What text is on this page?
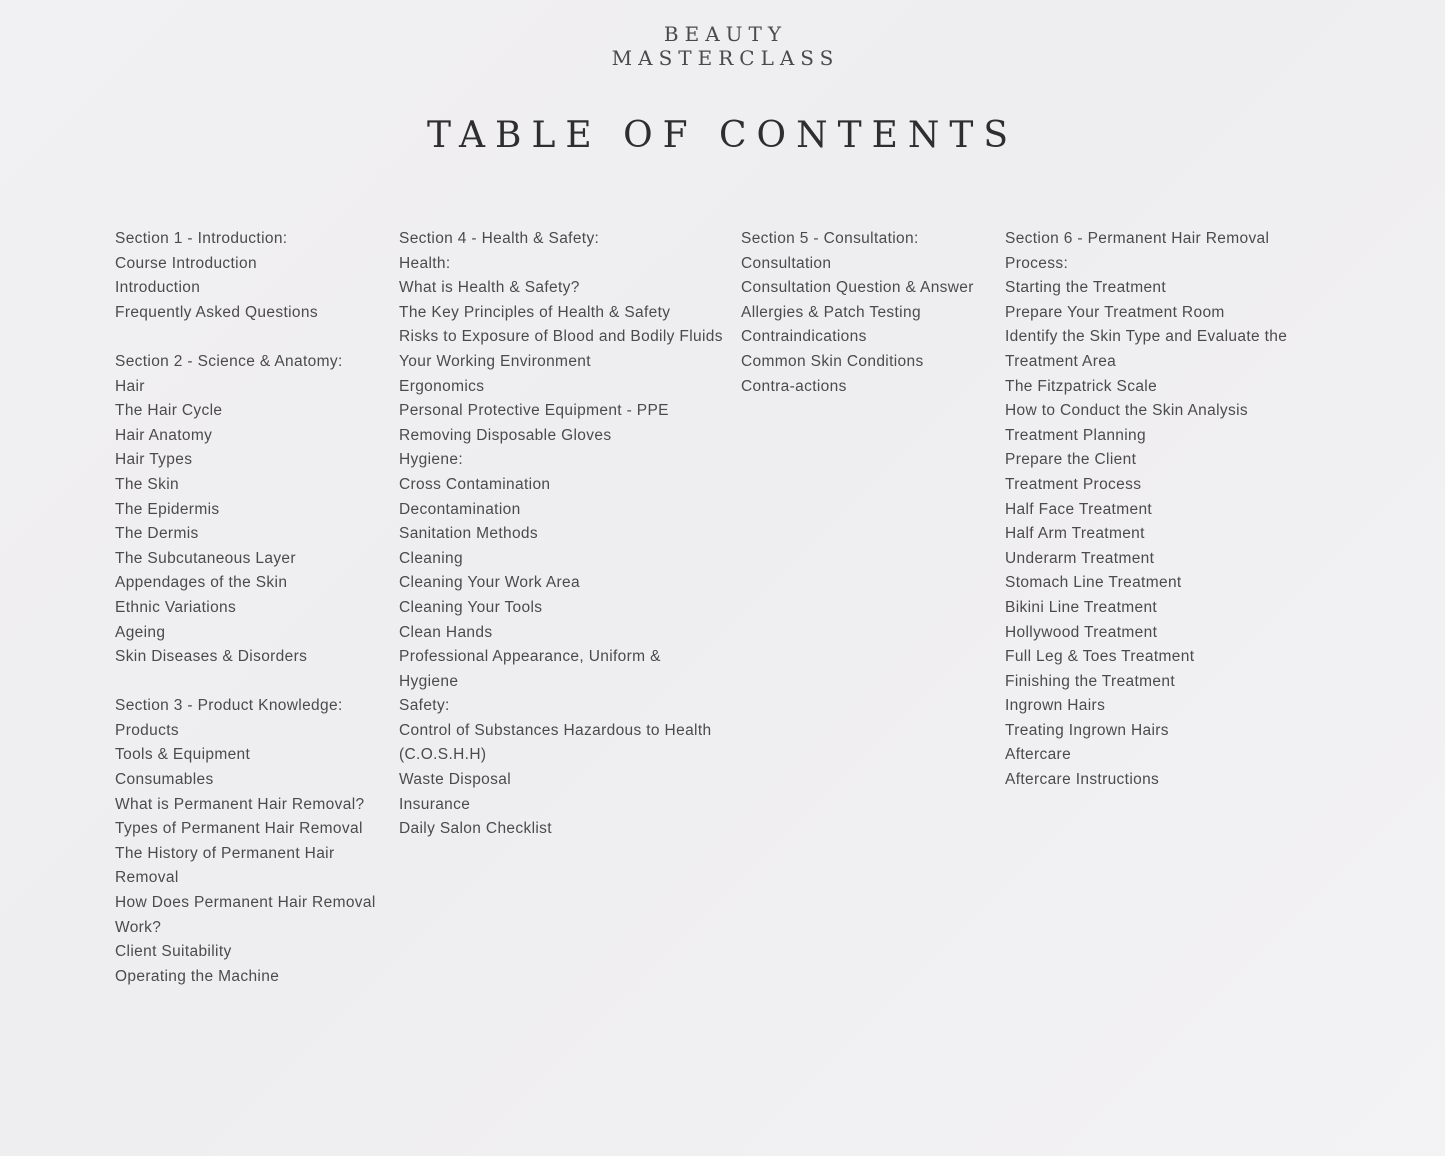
BEAUTY
MASTERCLASS
TABLE OF CONTENTS
Section 1 - Introduction:
Course Introduction
Introduction
Frequently Asked Questions
Section 2 - Science & Anatomy:
Hair
The Hair Cycle
Hair Anatomy
Hair Types
The Skin
The Epidermis
The Dermis
The Subcutaneous Layer
Appendages of the Skin
Ethnic Variations
Ageing
Skin Diseases & Disorders
Section 3 - Product Knowledge:
Products
Tools & Equipment
Consumables
What is Permanent Hair Removal?
Types of Permanent Hair Removal
The History of Permanent Hair
Removal
How Does Permanent Hair Removal
Work?
Client Suitability
Operating the Machine
Section 4 - Health & Safety:
Health:
What is Health & Safety?
The Key Principles of Health & Safety
Risks to Exposure of Blood and Bodily Fluids
Your Working Environment
Ergonomics
Personal Protective Equipment - PPE
Removing Disposable Gloves
Hygiene:
Cross Contamination
Decontamination
Sanitation Methods
Cleaning
Cleaning Your Work Area
Cleaning Your Tools
Clean Hands
Professional Appearance, Uniform &
Hygiene
Safety:
Control of Substances Hazardous to Health
(C.O.S.H.H)
Waste Disposal
Insurance
Daily Salon Checklist
Section 5 - Consultation:
Consultation
Consultation Question & Answer
Allergies & Patch Testing
Contraindications
Common Skin Conditions
Contra-actions
Section 6 - Permanent Hair Removal
Process:
Starting the Treatment
Prepare Your Treatment Room
Identify the Skin Type and Evaluate the
Treatment Area
The Fitzpatrick Scale
How to Conduct the Skin Analysis
Treatment Planning
Prepare the Client
Treatment Process
Half Face Treatment
Half Arm Treatment
Underarm Treatment
Stomach Line Treatment
Bikini Line Treatment
Hollywood Treatment
Full Leg & Toes Treatment
Finishing the Treatment
Ingrown Hairs
Treating Ingrown Hairs
Aftercare
Aftercare Instructions
